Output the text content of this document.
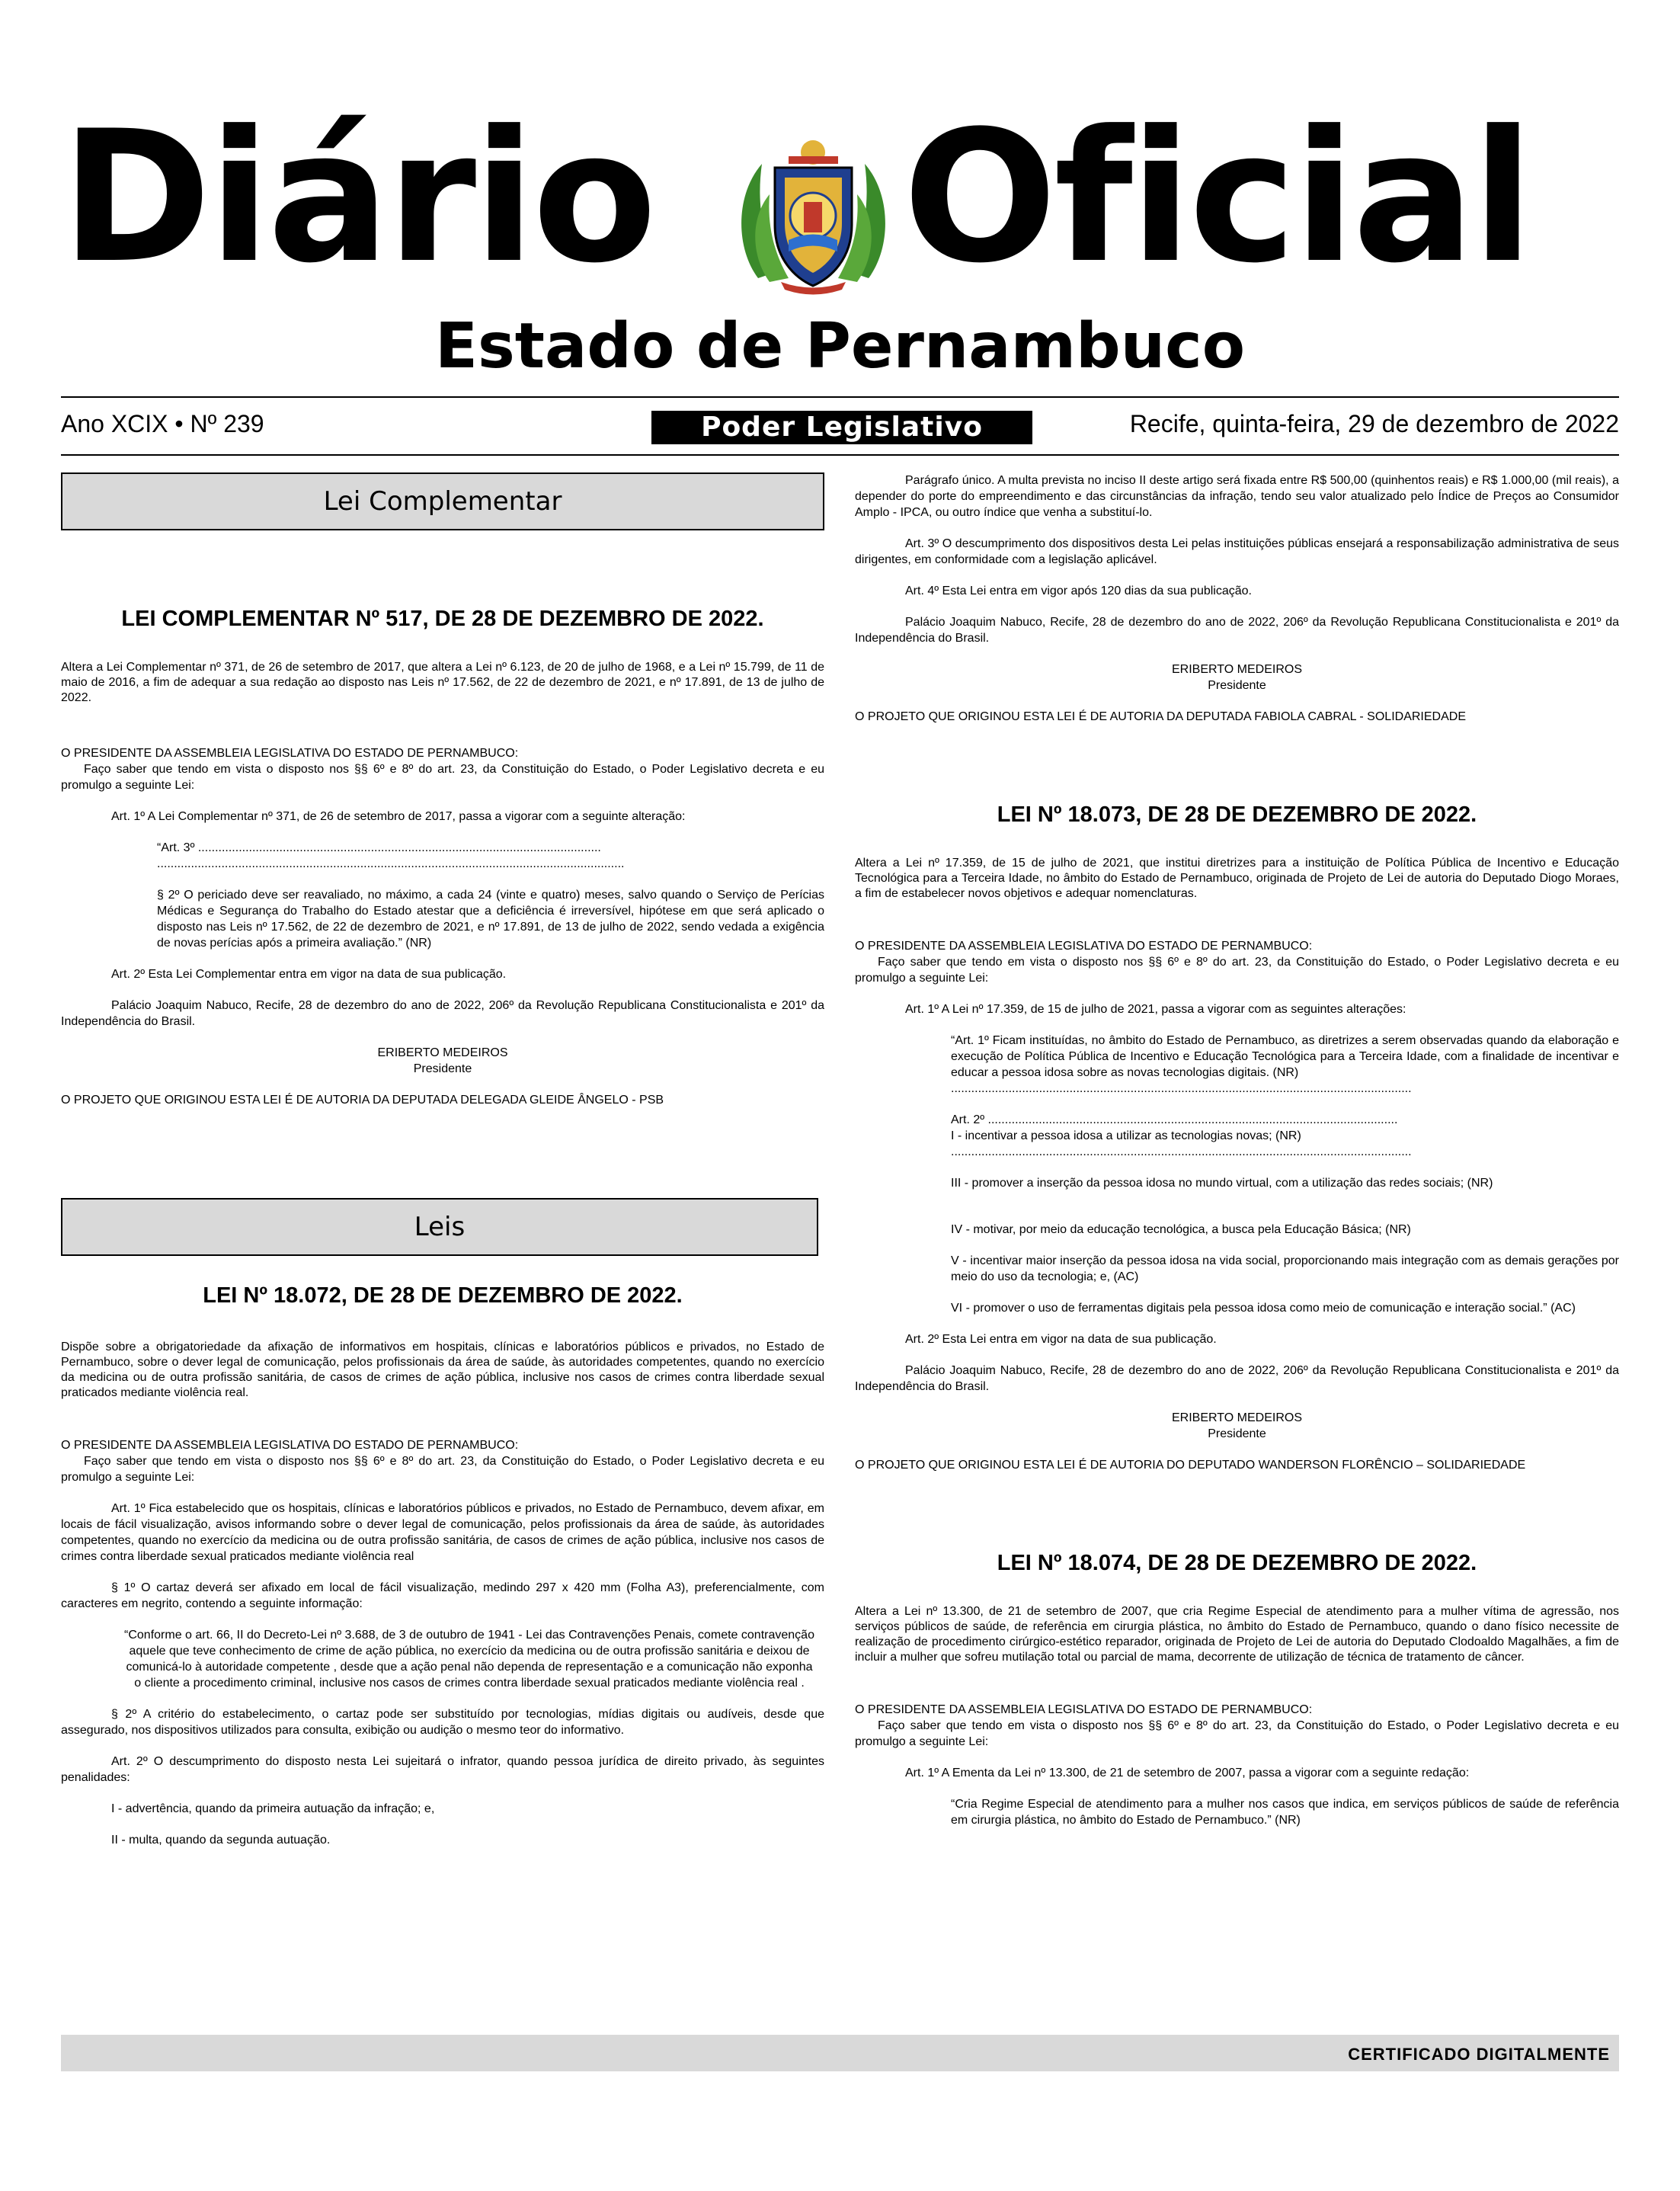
Diário Oficial
Estado de Pernambuco
Ano XCIX • Nº 239	Poder Legislativo	Recife, quinta-feira, 29 de dezembro de 2022
Lei Complementar
LEI COMPLEMENTAR Nº 517, DE 28 DE DEZEMBRO DE 2022.

Altera a Lei Complementar nº 371, de 26 de setembro de 2017, que altera a Lei nº 6.123, de 20 de julho de 1968, e a Lei nº 15.799, de 11 de maio de 2016, a fim de adequar a sua redação ao disposto nas Leis nº 17.562, de 22 de dezembro de 2021, e nº 17.891, de 13 de julho de 2022.

O PRESIDENTE DA ASSEMBLEIA LEGISLATIVA DO ESTADO DE PERNAMBUCO:

Faço saber que tendo em vista o disposto nos §§ 6º e 8º do art. 23, da Constituição do Estado, o Poder Legislativo decreta e eu promulgo a seguinte Lei:

Art. 1º A Lei Complementar nº 371, de 26 de setembro de 2017, passa a vigorar com a seguinte alteração:

“Art. 3º .......................................................................................................................

..........................................................................................................................................

§ 2º O periciado deve ser reavaliado, no máximo, a cada 24 (vinte e quatro) meses, salvo quando o Serviço de Perícias Médicas e Segurança do Trabalho do Estado atestar que a deficiência é irreversível, hipótese em que será aplicado o disposto nas Leis nº 17.562, de 22 de dezembro de 2021, e nº 17.891, de 13 de julho de 2022, sendo vedada a exigência de novas perícias após a primeira avaliação.” (NR)

Art. 2º Esta Lei Complementar entra em vigor na data de sua publicação.

Palácio Joaquim Nabuco, Recife, 28 de dezembro do ano de 2022, 206º da Revolução Republicana Constitucionalista e 201º da Independência do Brasil.

ERIBERTO MEDEIROS

Presidente

O PROJETO QUE ORIGINOU ESTA LEI É DE AUTORIA DA DEPUTADA DELEGADA GLEIDE ÂNGELO - PSB

Leis
LEI Nº 18.072, DE 28 DE DEZEMBRO DE 2022.

Dispõe sobre a obrigatoriedade da afixação de informativos em hospitais, clínicas e laboratórios públicos e privados, no Estado de Pernambuco, sobre o dever legal de comunicação, pelos profissionais da área de saúde, às autoridades competentes, quando no exercício da medicina ou de outra profissão sanitária, de casos de crimes de ação pública, inclusive nos casos de crimes contra liberdade sexual praticados mediante violência real.

O PRESIDENTE DA ASSEMBLEIA LEGISLATIVA DO ESTADO DE PERNAMBUCO:

Faço saber que tendo em vista o disposto nos §§ 6º e 8º do art. 23, da Constituição do Estado, o Poder Legislativo decreta e eu promulgo a seguinte Lei:

Art. 1º Fica estabelecido que os hospitais, clínicas e laboratórios públicos e privados, no Estado de Pernambuco, devem afixar, em locais de fácil visualização, avisos informando sobre o dever legal de comunicação, pelos profissionais da área de saúde, às autoridades competentes, quando no exercício da medicina ou de outra profissão sanitária, de casos de crimes de ação pública, inclusive nos casos de crimes contra liberdade sexual praticados mediante violência real

§ 1º O cartaz deverá ser afixado em local de fácil visualização, medindo 297 x 420 mm (Folha A3), preferencialmente, com caracteres em negrito, contendo a seguinte informação:

“Conforme o art. 66, II do Decreto-Lei nº 3.688, de 3 de outubro de 1941 - Lei das Contravenções Penais, comete contravenção aquele que teve conhecimento de crime de ação pública, no exercício da medicina ou de outra profissão sanitária e deixou de comunicá-lo à autoridade competente , desde que a ação penal não dependa de representação e a comunicação não exponha o cliente a procedimento criminal, inclusive nos casos de crimes contra liberdade sexual praticados mediante violência real .

§ 2º A critério do estabelecimento, o cartaz pode ser substituído por tecnologias, mídias digitais ou audíveis, desde que assegurado, nos dispositivos utilizados para consulta, exibição ou audição o mesmo teor do informativo.

Art. 2º O descumprimento do disposto nesta Lei sujeitará o infrator, quando pessoa jurídica de direito privado, às seguintes penalidades:

I - advertência, quando da primeira autuação da infração; e,

II - multa, quando da segunda autuação.

Parágrafo único. A multa prevista no inciso II deste artigo será fixada entre R$ 500,00 (quinhentos reais) e R$ 1.000,00 (mil reais), a depender do porte do empreendimento e das circunstâncias da infração, tendo seu valor atualizado pelo Índice de Preços ao Consumidor Amplo - IPCA, ou outro índice que venha a substituí-lo.

Art. 3º O descumprimento dos dispositivos desta Lei pelas instituições públicas ensejará a responsabilização administrativa de seus dirigentes, em conformidade com a legislação aplicável.

Art. 4º Esta Lei entra em vigor após 120 dias da sua publicação.

Palácio Joaquim Nabuco, Recife, 28 de dezembro do ano de 2022, 206º da Revolução Republicana Constitucionalista e 201º da Independência do Brasil.

ERIBERTO MEDEIROS

Presidente

O PROJETO QUE ORIGINOU ESTA LEI É DE AUTORIA DA DEPUTADA FABIOLA CABRAL - SOLIDARIEDADE

LEI Nº 18.073, DE 28 DE DEZEMBRO DE 2022.

Altera a Lei nº 17.359, de 15 de julho de 2021, que institui diretrizes para a instituição de Política Pública de Incentivo e Educação Tecnológica para a Terceira Idade, no âmbito do Estado de Pernambuco, originada de Projeto de Lei de autoria do Deputado Diogo Moraes, a fim de estabelecer novos objetivos e adequar nomenclaturas.

O PRESIDENTE DA ASSEMBLEIA LEGISLATIVA DO ESTADO DE PERNAMBUCO:

Faço saber que tendo em vista o disposto nos §§ 6º e 8º do art. 23, da Constituição do Estado, o Poder Legislativo decreta e eu promulgo a seguinte Lei:

Art. 1º A Lei nº 17.359, de 15 de julho de 2021, passa a vigorar com as seguintes alterações:

“Art. 1º Ficam instituídas, no âmbito do Estado de Pernambuco, as diretrizes a serem observadas quando da elaboração e execução de Política Pública de Incentivo e Educação Tecnológica para a Terceira Idade, com a finalidade de incentivar e educar a pessoa idosa sobre as novas tecnologias digitais. (NR)

........................................................................................................................................

Art. 2º .........................................................................................................................

I - incentivar a pessoa idosa a utilizar as tecnologias novas; (NR)

........................................................................................................................................

III - promover a inserção da pessoa idosa no mundo virtual, com a utilização das redes sociais; (NR)

IV - motivar, por meio da educação tecnológica, a busca pela Educação Básica; (NR)

V - incentivar maior inserção da pessoa idosa na vida social, proporcionando mais integração com as demais gerações por meio do uso da tecnologia; e, (AC)

VI - promover o uso de ferramentas digitais pela pessoa idosa como meio de comunicação e interação social.” (AC)

Art. 2º Esta Lei entra em vigor na data de sua publicação.

Palácio Joaquim Nabuco, Recife, 28 de dezembro do ano de 2022, 206º da Revolução Republicana Constitucionalista e 201º da Independência do Brasil.

ERIBERTO MEDEIROS

Presidente

O PROJETO QUE ORIGINOU ESTA LEI É DE AUTORIA DO DEPUTADO WANDERSON FLORÊNCIO – SOLIDARIEDADE

LEI Nº 18.074, DE 28 DE DEZEMBRO DE 2022.

Altera a Lei nº 13.300, de 21 de setembro de 2007, que cria Regime Especial de atendimento para a mulher vítima de agressão, nos serviços públicos de saúde, de referência em cirurgia plástica, no âmbito do Estado de Pernambuco, quando o dano físico necessite de realização de procedimento cirúrgico-estético reparador, originada de Projeto de Lei de autoria do Deputado Clodoaldo Magalhães, a fim de incluir a mulher que sofreu mutilação total ou parcial de mama, decorrente de utilização de técnica de tratamento de câncer.

O PRESIDENTE DA ASSEMBLEIA LEGISLATIVA DO ESTADO DE PERNAMBUCO:

Faço saber que tendo em vista o disposto nos §§ 6º e 8º do art. 23, da Constituição do Estado, o Poder Legislativo decreta e eu promulgo a seguinte Lei:

Art. 1º A Ementa da Lei nº 13.300, de 21 de setembro de 2007, passa a vigorar com a seguinte redação:

“Cria Regime Especial de atendimento para a mulher nos casos que indica, em serviços públicos de saúde de referência em cirurgia plástica, no âmbito do Estado de Pernambuco.” (NR)

CERTIFICADO DIGITALMENTE
